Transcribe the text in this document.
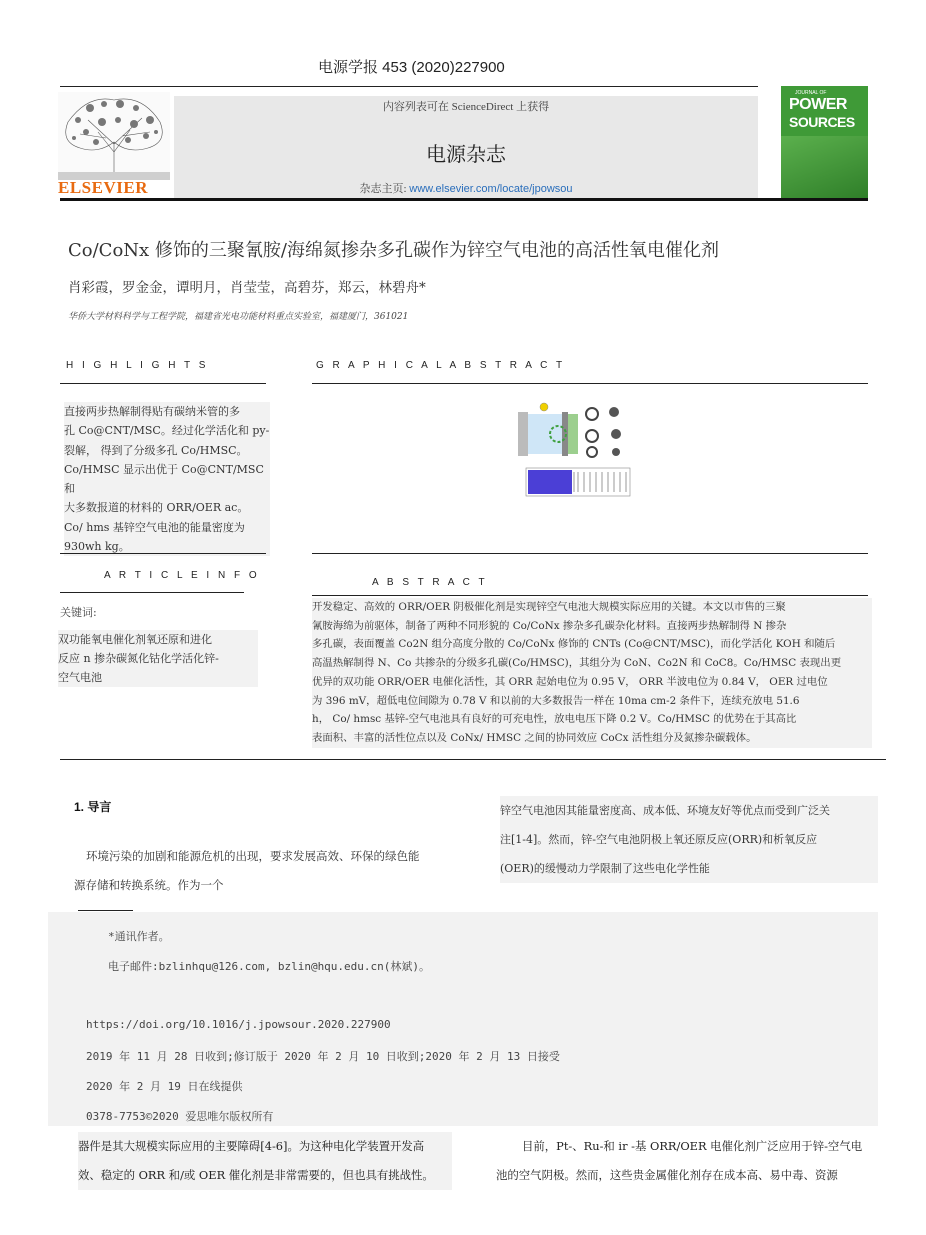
电源学报 453 (2020)227900
ELSEVIER
内容列表可在 ScienceDirect 上获得
电源杂志
杂志主页: www.elsevier.com/locate/jpowsou
JOURNAL OF
POWER
SOURCES
Co/CoNx 修饰的三聚氰胺/海绵氮掺杂多孔碳作为锌空气电池的高活性氧电催化剂
肖彩霞，罗金金，谭明月，肖莹莹，高碧芬，郑云，林碧舟*
华侨大学材料科学与工程学院，福建省光电功能材料重点实验室，福建厦门，361021
H I G H L I G H T S
直接两步热解制得贴有碳纳米管的多
孔 Co@CNT/MSC。经过化学活化和 py-
裂解， 得到了分级多孔 Co/HMSC。
Co/HMSC 显示出优于 Co@CNT/MSC 和
大多数报道的材料的 ORR/OER ac。
Co/ hms 基锌空气电池的能量密度为
930wh kg。
G R A P H I C A L A B S T R A C T
A R T I C L E I N F O
关键词:
双功能氧电催化剂氧还原和进化
反应 n 掺杂碳氮化钴化学活化锌-
空气电池
A B S T R A C T
开发稳定、高效的 ORR/OER 阴极催化剂是实现锌空气电池大规模实际应用的关键。本文以市售的三聚
氰胺海绵为前驱体，制备了两种不同形貌的 Co/CoNx 掺杂多孔碳杂化材料。直接两步热解制得 N 掺杂
多孔碳，表面覆盖 Co2N 组分高度分散的 Co/CoNx 修饰的 CNTs (Co@CNT/MSC)，而化学活化 KOH 和随后
高温热解制得 N、Co 共掺杂的分级多孔碳(Co/HMSC)，其组分为 CoN、Co2N 和 CoC8。Co/HMSC 表现出更
优异的双功能 ORR/OER 电催化活性，其 ORR 起始电位为 0.95 V， ORR 半波电位为 0.84 V， OER 过电位
为 396 mV，超低电位间隙为 0.78 V 和以前的大多数报告一样在 10ma cm-2 条件下，连续充放电 51.6
h， Co/ hmsc 基锌-空气电池具有良好的可充电性，放电电压下降 0.2 V。Co/HMSC 的优势在于其高比
表面积、丰富的活性位点以及 CoNx/ HMSC 之间的协同效应 CoCx 活性组分及氮掺杂碳载体。
1. 导言
环境污染的加剧和能源危机的出现，要求发展高效、环保的绿色能
源存储和转换系统。作为一个
锌空气电池因其能量密度高、成本低、环境友好等优点而受到广泛关
注[1-4]。然而，锌-空气电池阴极上氧还原反应(ORR)和析氧反应
(OER)的缓慢动力学限制了这些电化学性能
*通讯作者。
电子邮件:bzlinhqu@126.com, bzlin@hqu.edu.cn(林斌)。
https://doi.org/10.1016/j.jpowsour.2020.227900
2019 年 11 月 28 日收到;修订版于 2020 年 2 月 10 日收到;2020 年 2 月 13 日接受
2020 年 2 月 19 日在线提供
0378-7753©2020 爱思唯尔版权所有
器件是其大规模实际应用的主要障碍[4-6]。为这种电化学装置开发高
效、稳定的 ORR 和/或 OER 催化剂是非常需要的，但也具有挑战性。
目前，Pt-、Ru-和 ir -基 ORR/OER 电催化剂广泛应用于锌-空气电
池的空气阴极。然而，这些贵金属催化剂存在成本高、易中毒、资源
